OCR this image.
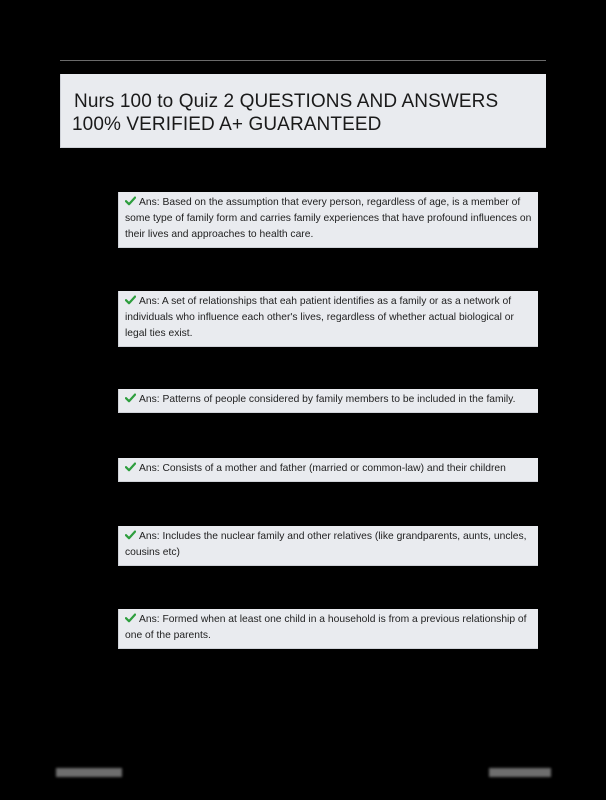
Nurs 100 to Quiz 2 QUESTIONS AND ANSWERS
100% VERIFIED A+ GUARANTEED
Ans: Based on the assumption that every person, regardless of age, is a member of some type of family form and carries family experiences that have profound influences on their lives and approaches to health care.
Ans: A set of relationships that eah patient identifies as a family or as a network of individuals who influence each other's lives, regardless of whether actual biological or legal ties exist.
Ans: Patterns of people considered by family members to be included in the family.
Ans: Consists of a mother and father (married or common-law) and their children
Ans: Includes the nuclear family and other relatives (like grandparents, aunts, uncles, cousins etc)
Ans: Formed when at least one child in a household is from a previous relationship of one of the parents.
